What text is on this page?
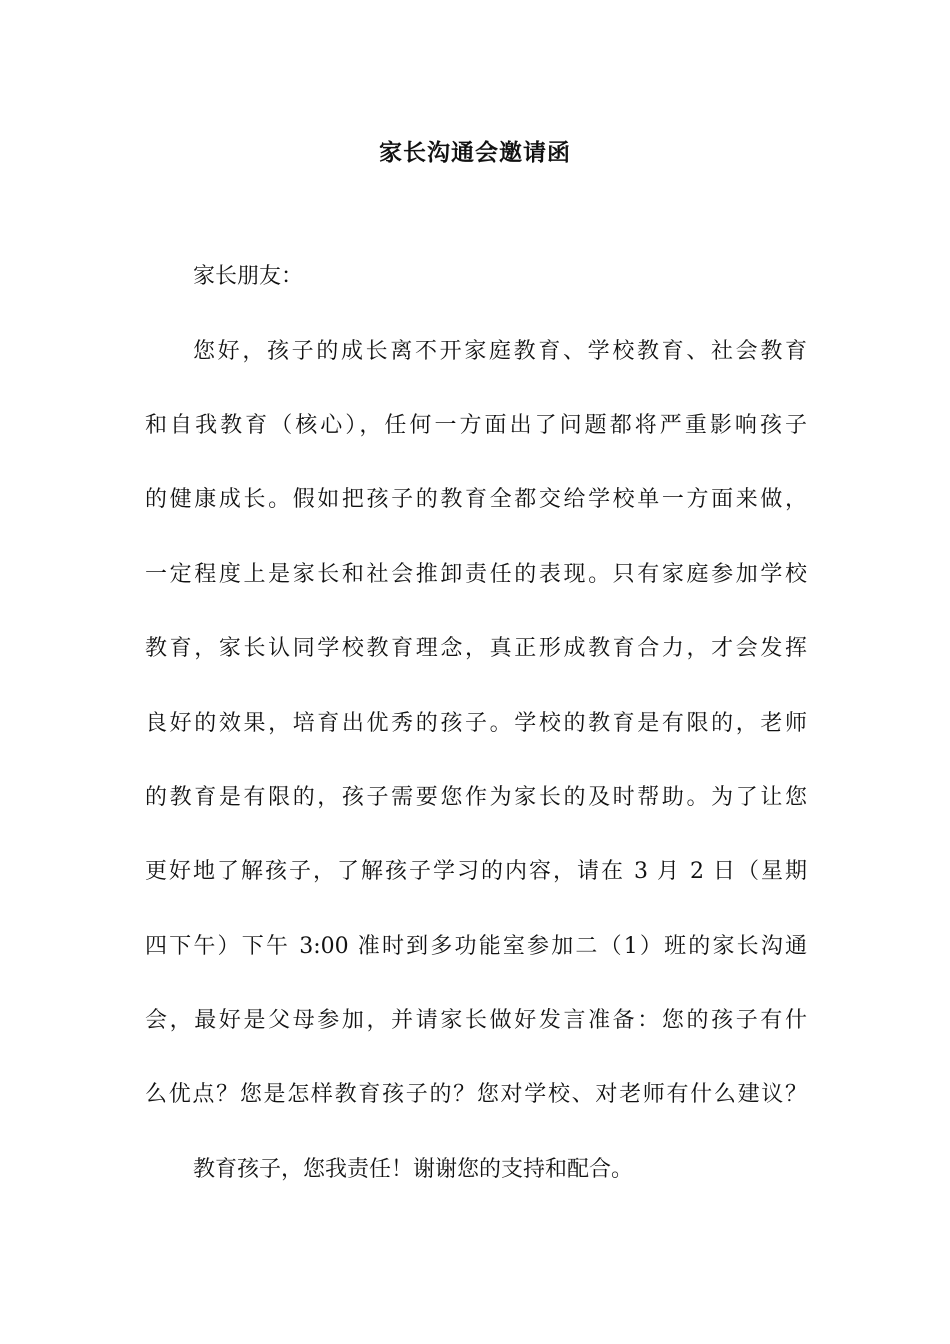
家长沟通会邀请函
家长朋友：
您好，孩子的成长离不开家庭教育、学校教育、社会教育
和自我教育（核心），任何一方面出了问题都将严重影响孩子
的健康成长。假如把孩子的教育全都交给学校单一方面来做，
一定程度上是家长和社会推卸责任的表现。只有家庭参加学校
教育，家长认同学校教育理念，真正形成教育合力，才会发挥
良好的效果，培育出优秀的孩子。学校的教育是有限的，老师
的教育是有限的，孩子需要您作为家长的及时帮助。为了让您
更好地了解孩子，了解孩子学习的内容，请在 3 月 2 日（星期
四下午）下午 3:00 准时到多功能室参加二（1）班的家长沟通
会，最好是父母参加，并请家长做好发言准备：您的孩子有什
么优点？您是怎样教育孩子的？您对学校、对老师有什么建议？
教育孩子，您我责任！谢谢您的支持和配合。
